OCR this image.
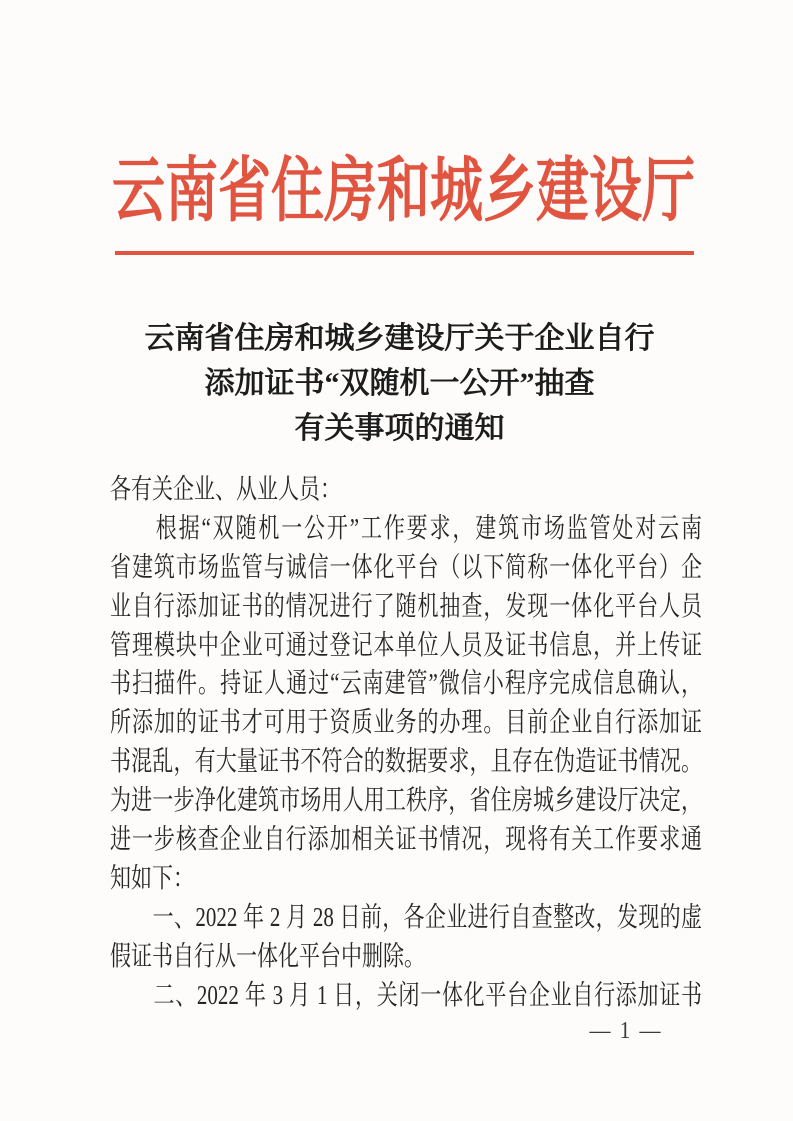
云南省住房和城乡建设厅
云南省住房和城乡建设厅关于企业自行
添加证书“双随机一公开”抽查
有关事项的通知
各有关企业、从业人员：
　　根据“双随机一公开”工作要求，建筑市场监管处对云南
省建筑市场监管与诚信一体化平台（以下简称一体化平台）企
业自行添加证书的情况进行了随机抽查，发现一体化平台人员
管理模块中企业可通过登记本单位人员及证书信息，并上传证
书扫描件。持证人通过“云南建管”微信小程序完成信息确认，
所添加的证书才可用于资质业务的办理。目前企业自行添加证
书混乱，有大量证书不符合的数据要求，且存在伪造证书情况。
为进一步净化建筑市场用人用工秩序，省住房城乡建设厅决定，
进一步核查企业自行添加相关证书情况，现将有关工作要求通
知如下：
　　一、2022 年 2 月 28 日前，各企业进行自查整改，发现的虚
假证书自行从一体化平台中删除。
　　二、2022 年 3 月 1 日，关闭一体化平台企业自行添加证书
— 1 —
